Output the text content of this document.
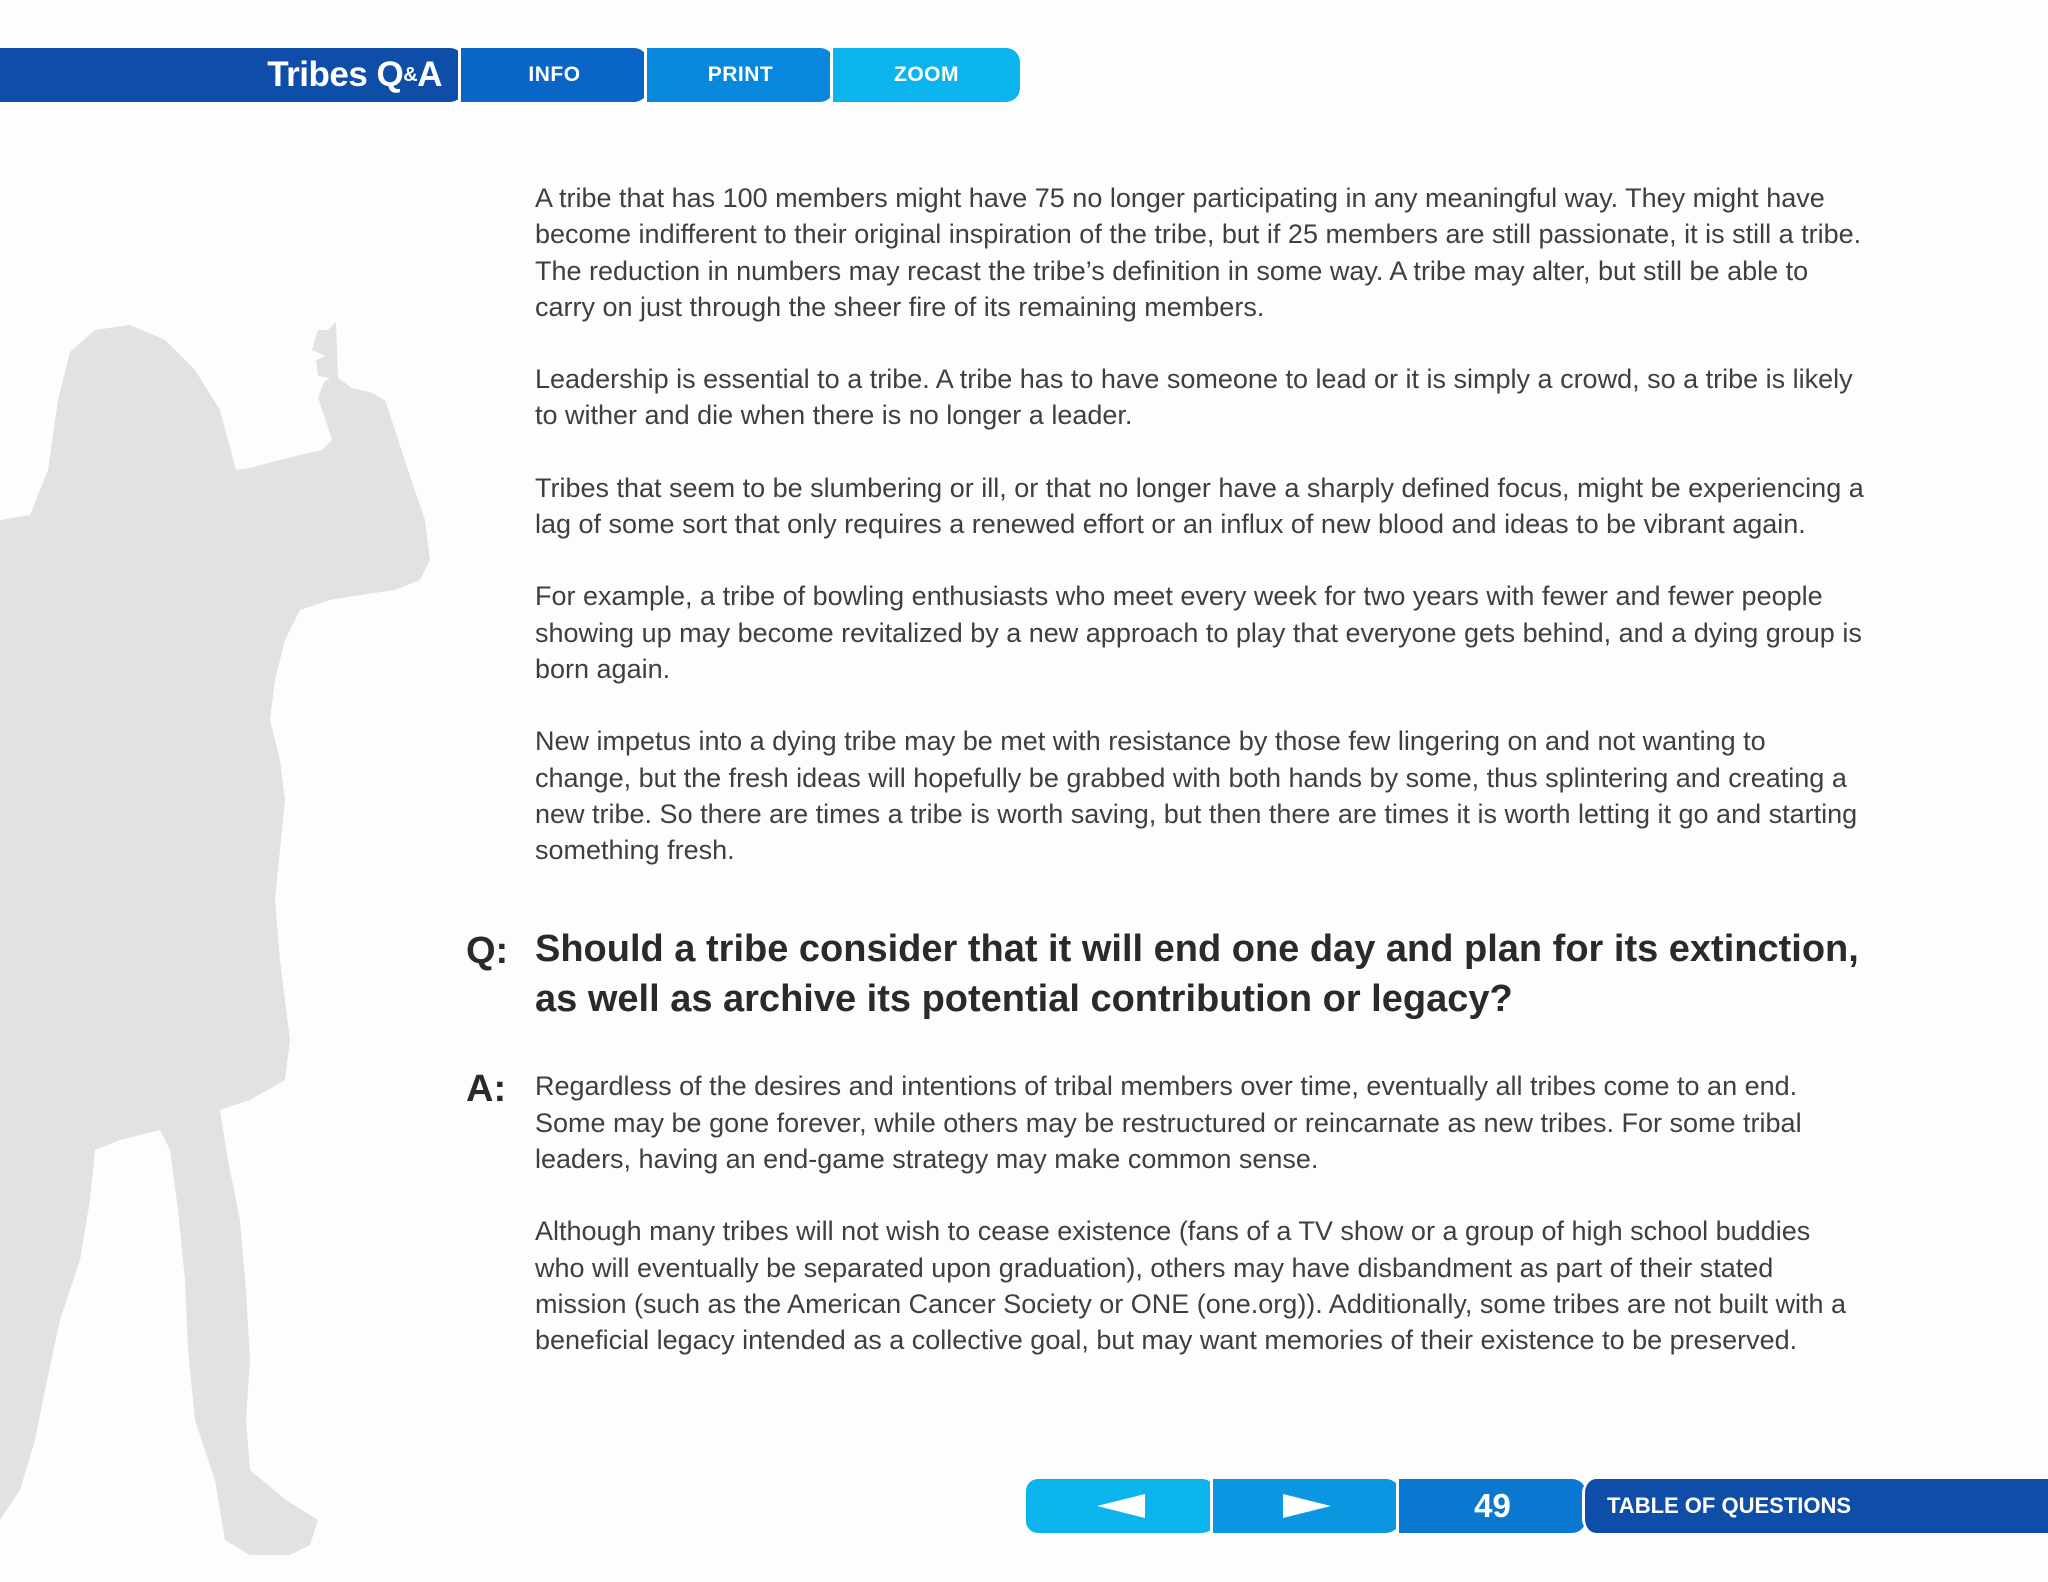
Tribes Q & A	INFO	PRINT	ZOOM

A tribe that has 100 members might have 75 no longer participating in any meaningful way. They might have become indifferent to their original inspiration of the tribe, but if 25 members are still passionate, it is still a tribe. The reduction in numbers may recast the tribe’s definition in some way. A tribe may alter, but still be able to carry on just through the sheer fire of its remaining members.

Leadership is essential to a tribe. A tribe has to have someone to lead or it is simply a crowd, so a tribe is likely to wither and die when there is no longer a leader.

Tribes that seem to be slumbering or ill, or that no longer have a sharply defined focus, might be experiencing a lag of some sort that only requires a renewed effort or an influx of new blood and ideas to be vibrant again.

For example, a tribe of bowling enthusiasts who meet every week for two years with fewer and fewer people showing up may become revitalized by a new approach to play that everyone gets behind, and a dying group is born again.

New impetus into a dying tribe may be met with resistance by those few lingering on and not wanting to change, but the fresh ideas will hopefully be grabbed with both hands by some, thus splintering and creating a new tribe. So there are times a tribe is worth saving, but then there are times it is worth letting it go and starting something fresh.

Q: Should a tribe consider that it will end one day and plan for its extinction, as well as archive its potential contribution or legacy?
A: Regardless of the desires and intentions of tribal members over time, eventually all tribes come to an end. Some may be gone forever, while others may be restructured or reincarnate as new tribes. For some tribal leaders, having an end-game strategy may make common sense.

Although many tribes will not wish to cease existence (fans of a TV show or a group of high school buddies who will eventually be separated upon graduation), others may have disbandment as part of their stated mission (such as the American Cancer Society or ONE (one.org)). Additionally, some tribes are not built with a beneficial legacy intended as a collective goal, but may want memories of their existence to be preserved.

49	TABLE OF QUESTIONS
